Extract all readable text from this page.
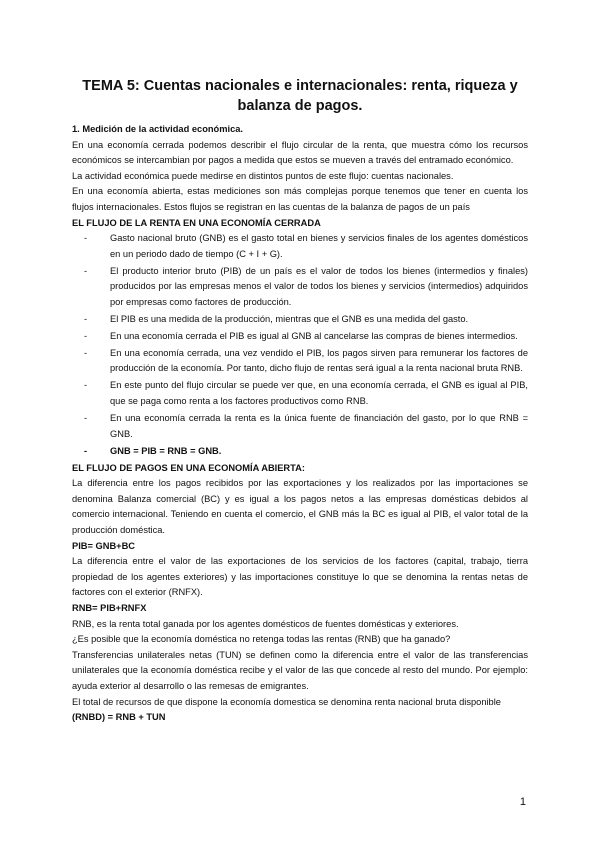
TEMA 5: Cuentas nacionales e internacionales: renta, riqueza y
balanza de pagos.

1. Medición de la actividad económica.

En una economía cerrada podemos describir el flujo circular de la renta, que muestra cómo los recursos económicos se intercambian por pagos a medida que estos se mueven a través del entramado económico.

La actividad económica puede medirse en distintos puntos de este flujo: cuentas nacionales.

En una economía abierta, estas mediciones son más complejas porque tenemos que tener en cuenta los flujos internacionales. Estos flujos se registran en las cuentas de la balanza de pagos de un país

EL FLUJO DE LA RENTA EN UNA ECONOMÍA CERRADA

- Gasto nacional bruto (GNB) es el gasto total en bienes y servicios finales de los agentes domésticos en un periodo dado de tiempo (C + I + G).
- El producto interior bruto (PIB) de un país es el valor de todos los bienes (intermedios y finales) producidos por las empresas menos el valor de todos los bienes y servicios (intermedios) adquiridos por empresas como factores de producción.
- El PIB es una medida de la producción, mientras que el GNB es una medida del gasto.
- En una economía cerrada el PIB es igual al GNB al cancelarse las compras de bienes intermedios.
- En una economía cerrada, una vez vendido el PIB, los pagos sirven para remunerar los factores de producción de la economía. Por tanto, dicho flujo de rentas será igual a la renta nacional bruta RNB.
- En este punto del flujo circular se puede ver que, en una economía cerrada, el GNB es igual al PIB, que se paga como renta a los factores productivos como RNB.
- En una economía cerrada la renta es la única fuente de financiación del gasto, por lo que RNB = GNB.
- GNB = PIB = RNB = GNB.

EL FLUJO DE PAGOS EN UNA ECONOMÍA ABIERTA:

La diferencia entre los pagos recibidos por las exportaciones y los realizados por las importaciones se denomina Balanza comercial (BC) y es igual a los pagos netos a las empresas domésticas debidos al comercio internacional. Teniendo en cuenta el comercio, el GNB más la BC es igual al PIB, el valor total de la producción doméstica.

PIB= GNB+BC

La diferencia entre el valor de las exportaciones de los servicios de los factores (capital, trabajo, tierra propiedad de los agentes exteriores) y las importaciones constituye lo que se denomina la rentas netas de factores con el exterior (RNFX).

RNB= PIB+RNFX

RNB, es la renta total ganada por los agentes domésticos de fuentes domésticas y exteriores.

¿Es posible que la economía doméstica no retenga todas las rentas (RNB) que ha ganado?

Transferencias unilaterales netas (TUN) se definen como la diferencia entre el valor de las transferencias unilaterales que la economía doméstica recibe y el valor de las que concede al resto del mundo. Por ejemplo: ayuda exterior al desarrollo o las remesas de emigrantes.

El total de recursos de que dispone la economía domestica se denomina renta nacional bruta disponible

(RNBD) = RNB + TUN

1
